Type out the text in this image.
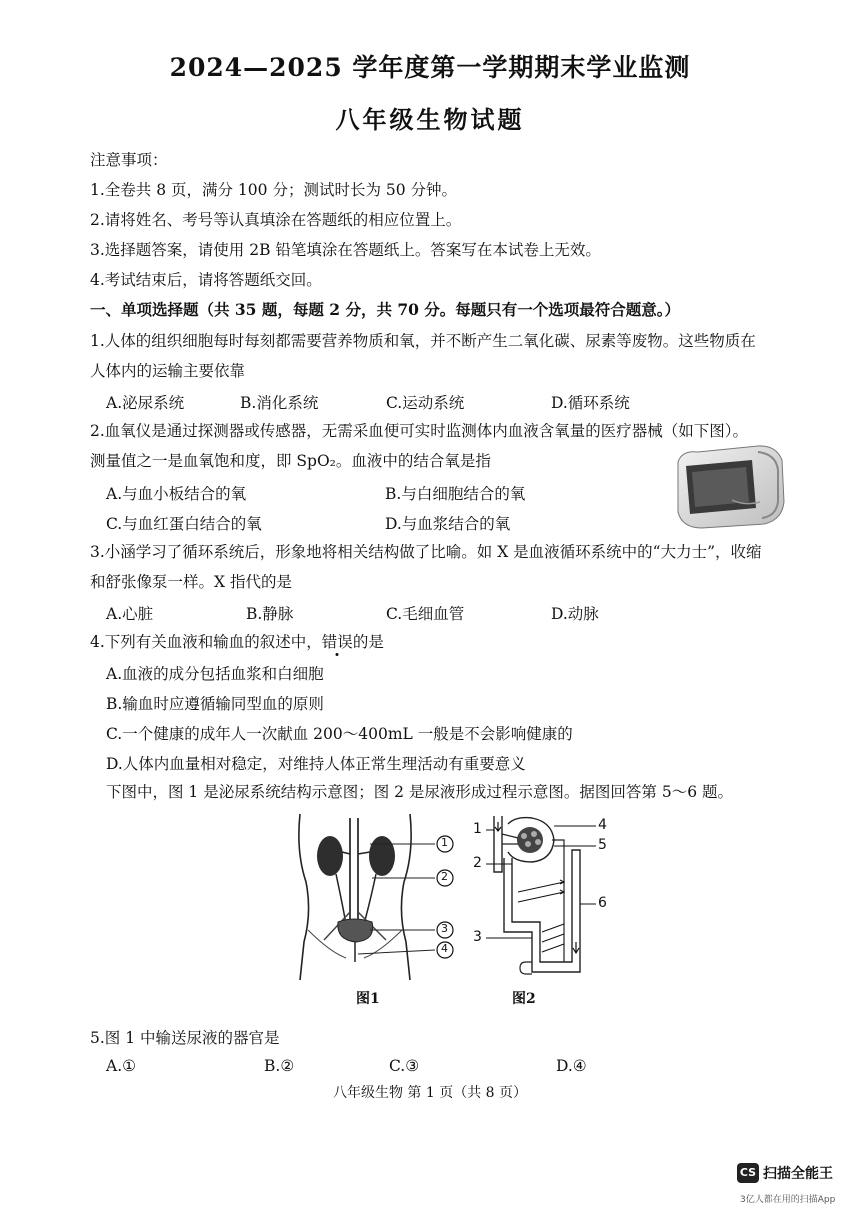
2024—2025 学年度第一学期期末学业监测
八年级生物试题
注意事项：
1.全卷共 8 页，满分 100 分；测试时长为 50 分钟。
2.请将姓名、考号等认真填涂在答题纸的相应位置上。
3.选择题答案，请使用 2B 铅笔填涂在答题纸上。答案写在本试卷上无效。
4.考试结束后，请将答题纸交回。
一、单项选择题（共 35 题，每题 2 分，共 70 分。每题只有一个选项最符合题意。）
1.人体的组织细胞每时每刻都需要营养物质和氧，并不断产生二氧化碳、尿素等废物。这些物质在
人体内的运输主要依靠
A.泌尿系统	B.消化系统	C.运动系统	D.循环系统
2.血氧仪是通过探测器或传感器，无需采血便可实时监测体内血液含氧量的医疗器械（如下图）。
测量值之一是血氧饱和度，即 SpO₂。血液中的结合氧是指
A.与血小板结合的氧	B.与白细胞结合的氧
C.与血红蛋白结合的氧	D.与血浆结合的氧
3.小涵学习了循环系统后，形象地将相关结构做了比喻。如 X 是血液循环系统中的“大力士”，收缩
和舒张像泵一样。X 指代的是
A.心脏	B.静脉	C.毛细血管	D.动脉
4.下列有关血液和输血的叙述中，错误的是
A.血液的成分包括血浆和白细胞
B.输血时应遵循输同型血的原则
C.一个健康的成年人一次献血 200～400mL 一般是不会影响健康的
D.人体内血量相对稳定，对维持人体正常生理活动有重要意义
下图中，图 1 是泌尿系统结构示意图；图 2 是尿液形成过程示意图。据图回答第 5～6 题。
1
2
3
4
图1
1
2
3
4
5
6
图2
5.图 1 中输送尿液的器官是
A.①	B.②	C.③	D.④
八年级生物 第 1 页（共 8 页）
CS 扫描全能王
3亿人都在用的扫描App
